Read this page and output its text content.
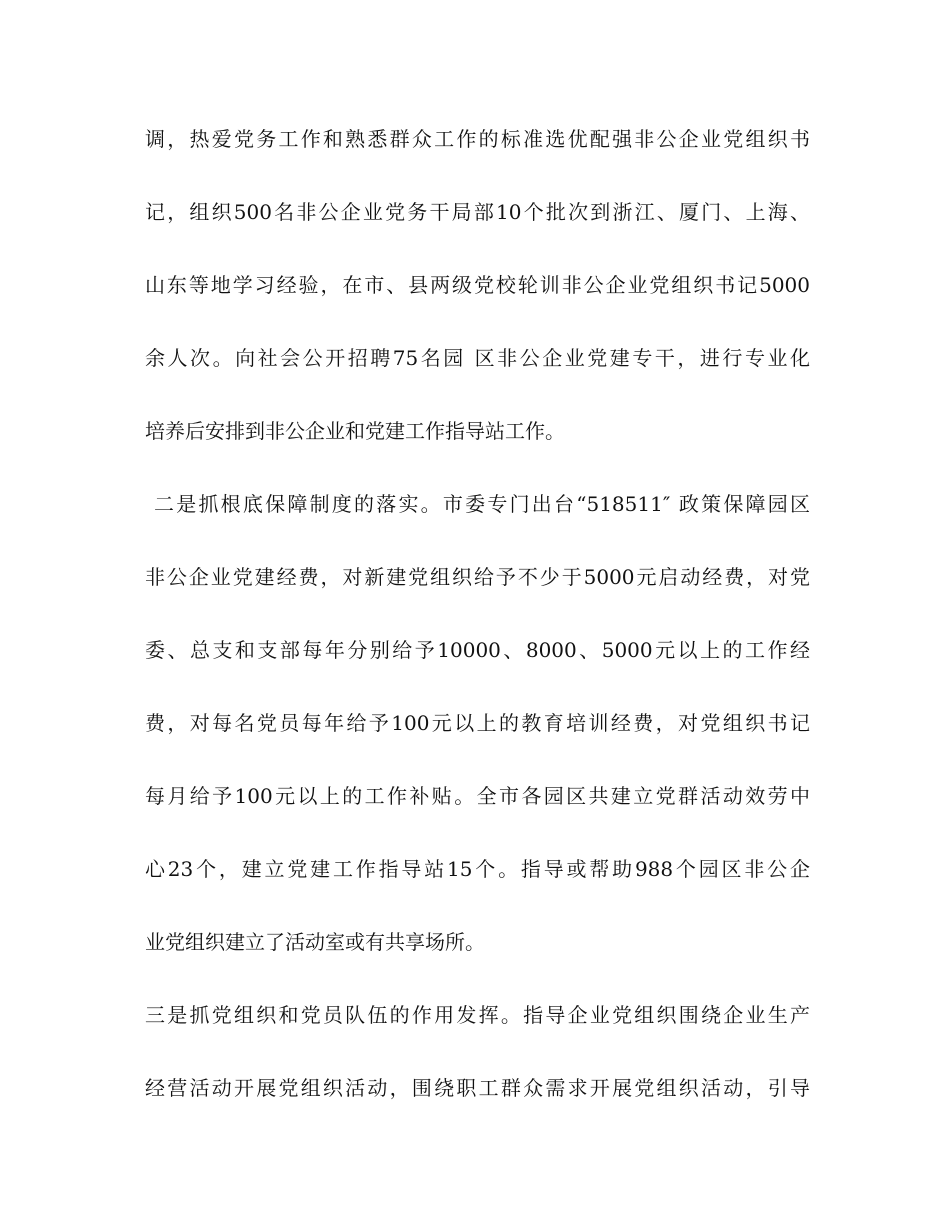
调，热爱党务工作和熟悉群众工作的标准选优配强非公企业党组织书
记，组织500名非公企业党务干局部10个批次到浙江、厦门、上海、
山东等地学习经验，在市、县两级党校轮训非公企业党组织书记5000
余人次。向社会公开招聘75名园 区非公企业党建专干，进行专业化
培养后安排到非公企业和党建工作指导站工作。
二是抓根底保障制度的落实。市委专门出台“518511″ 政策保障园区
非公企业党建经费，对新建党组织给予不少于5000元启动经费，对党
委、总支和支部每年分别给予10000、8000、5000元以上的工作经
费，对每名党员每年给予100元以上的教育培训经费，对党组织书记
每月给予100元以上的工作补贴。全市各园区共建立党群活动效劳中
心23个，建立党建工作指导站15个。指导或帮助988个园区非公企
业党组织建立了活动室或有共享场所。
三是抓党组织和党员队伍的作用发挥。指导企业党组织围绕企业生产
经营活动开展党组织活动，围绕职工群众需求开展党组织活动，引导
